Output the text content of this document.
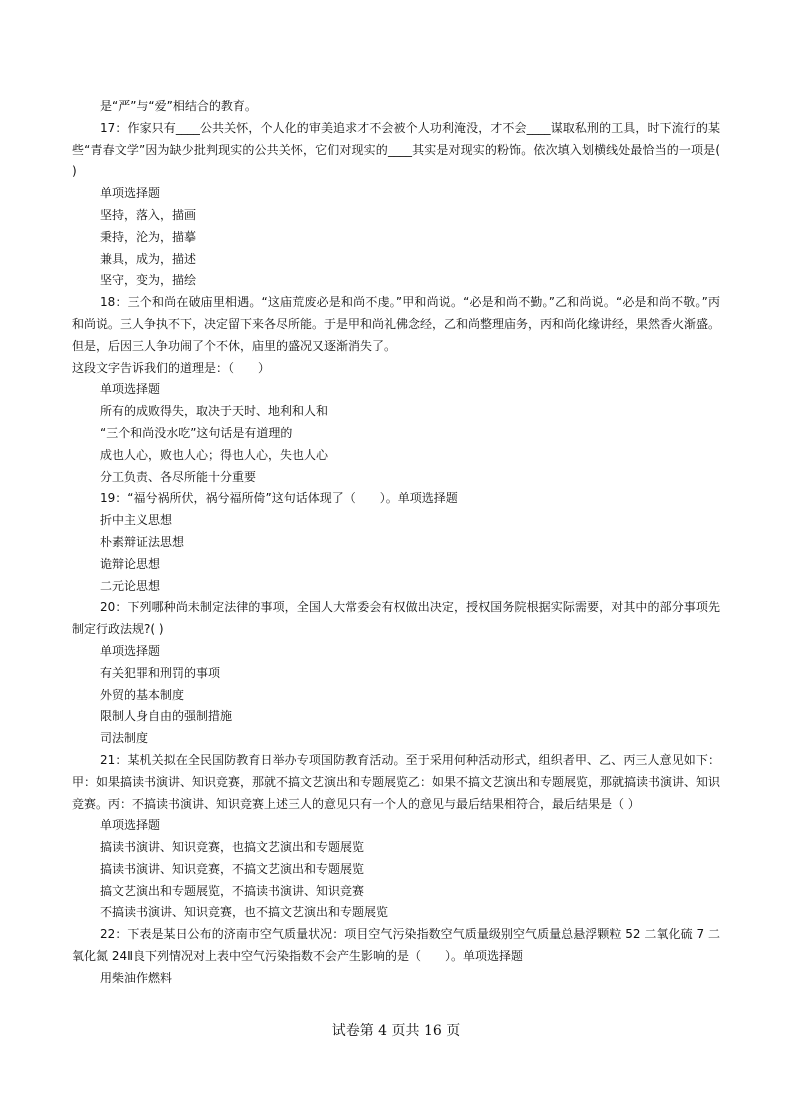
是“严”与“爱”相结合的教育。
17：作家只有____公共关怀，个人化的审美追求才不会被个人功利淹没，才不会____谋取私刑的工具，时下流行的某些“青春文学”因为缺少批判现实的公共关怀，它们对现实的____其实是对现实的粉饰。依次填入划横线处最恰当的一项是( )
单项选择题
坚持，落入，描画
秉持，沦为，描摹
兼具，成为，描述
坚守，变为，描绘
18：三个和尚在破庙里相遇。“这庙荒废必是和尚不虔。”甲和尚说。“必是和尚不勤。”乙和尚说。“必是和尚不敬。”丙和尚说。三人争执不下，决定留下来各尽所能。于是甲和尚礼佛念经，乙和尚整理庙务，丙和尚化缘讲经，果然香火渐盛。但是，后因三人争功闹了个不休，庙里的盛况又逐渐消失了。
这段文字告诉我们的道理是：（　　）
单项选择题
所有的成败得失，取决于天时、地利和人和
“三个和尚没水吃”这句话是有道理的
成也人心，败也人心；得也人心，失也人心
分工负责、各尽所能十分重要
19：“福兮祸所伏，祸兮福所倚”这句话体现了（　　）。单项选择题
折中主义思想
朴素辩证法思想
诡辩论思想
二元论思想
20：下列哪种尚未制定法律的事项，全国人大常委会有权做出决定，授权国务院根据实际需要，对其中的部分事项先制定行政法规?( )
单项选择题
有关犯罪和刑罚的事项
外贸的基本制度
限制人身自由的强制措施
司法制度
21：某机关拟在全民国防教育日举办专项国防教育活动。至于采用何种活动形式，组织者甲、乙、丙三人意见如下：甲：如果搞读书演讲、知识竞赛，那就不搞文艺演出和专题展览乙：如果不搞文艺演出和专题展览，那就搞读书演讲、知识竞赛。丙：不搞读书演讲、知识竞赛上述三人的意见只有一个人的意见与最后结果相符合，最后结果是（ ）
单项选择题
搞读书演讲、知识竞赛，也搞文艺演出和专题展览
搞读书演讲、知识竞赛，不搞文艺演出和专题展览
搞文艺演出和专题展览，不搞读书演讲、知识竞赛
不搞读书演讲、知识竞赛，也不搞文艺演出和专题展览
22：下表是某日公布的济南市空气质量状况：项目空气污染指数空气质量级别空气质量总悬浮颗粒 52 二氧化硫 7 二氧化氮 24Ⅱ良下列情况对上表中空气污染指数不会产生影响的是（　　）。单项选择题
用柴油作燃料
试卷第 4 页共 16 页
